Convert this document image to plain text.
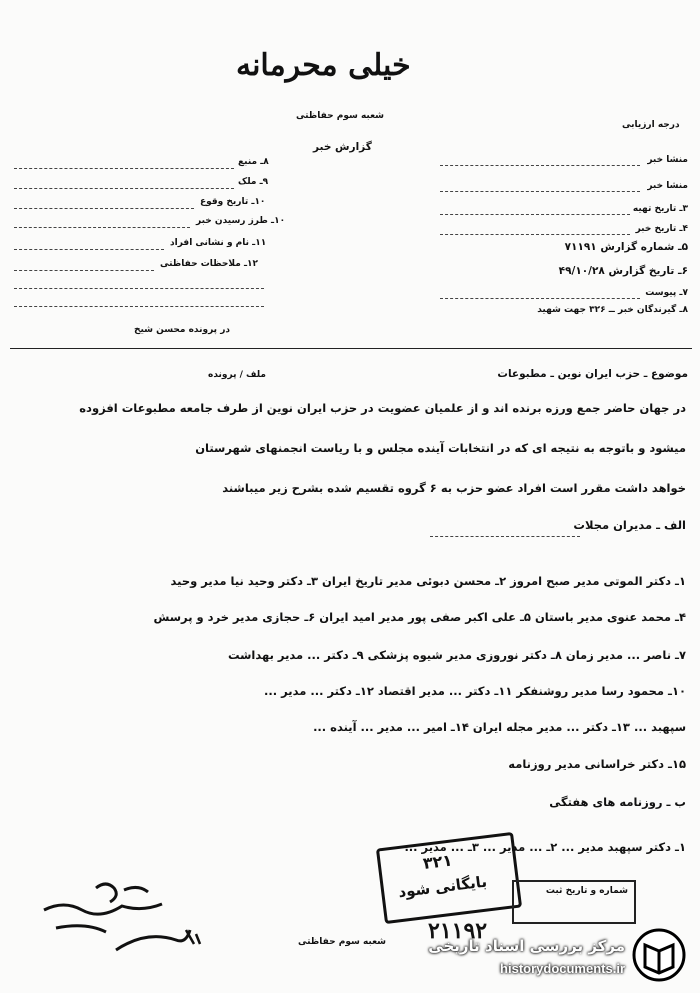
خیلی محرمانه
شعبه سوم حفاظتی
گزارش خبر
درجه ارزیابی
منشا خبر
منشا خبر
۳ـ تاریخ تهیه
۴ـ تاریخ خبر
۵ـ شماره گزارش ۷۱۱۹۱
۶ـ تاریخ گزارش ۴۹/۱۰/۲۸
۷ـ پیوست
۸ـ گیرندگان خبر ــ ۳۲۶ جهت شهید
در پرونده محسن شیخ
۸ـ منبع
۹ـ ملک
۱۰ـ تاریخ وقوع
۱۰ـ طرز رسیدن خبر
۱۱ـ نام و نشانی افراد
۱۲ـ ملاحظات حفاظتی
موضوع ـ حزب ایران نوین ـ مطبوعات
ملف / پرونده
در جهان حاضر جمع ورزه برنده اند و از علمیان عضویت در حزب ایران نوین از طرف جامعه مطبوعات افزوده
میشود و باتوجه به نتیجه ای که در انتخابات آینده مجلس و با ریاست انجمنهای شهرستان
خواهد داشت مقرر است افراد عضو حزب به ۶ گروه تقسیم شده بشرح زیر میباشند
الف ـ مدیران مجلات
۱ـ دکتر الموتی مدیر صبح امروز ۲ـ محسن دبوئی مدیر تاریخ ایران ۳ـ دکتر وحید نیا مدیر وحید
۴ـ محمد عنوی مدیر باستان ۵ـ علی اکبر صفی پور مدیر امید ایران ۶ـ حجازی مدیر خرد و پرسش
۷ـ ناصر ... مدیر زمان ۸ـ دکتر نوروزی مدیر شیوه پزشکی ۹ـ دکتر ... مدیر بهداشت
۱۰ـ محمود رسا مدیر روشنفکر ۱۱ـ دکتر ... مدیر اقتصاد ۱۲ـ دکتر ... مدیر ...
سپهبد ... ۱۳ـ دکتر ... مدیر مجله ایران ۱۴ـ امیر ... مدیر ... آینده ...
۱۵ـ دکتر خراسانی مدیر روزنامه
ب ـ روزنامه های هفتگی
۱ـ دکتر سپهبد مدیر ... ۲ـ ... مدیر ... ۳ـ ... مدیر ...
۳۲۱
بایگانی شود	شماره و تاریخ ثبت
۲۱۱۹۲
شعبه سوم حفاظتی	مرکز بررسی اسناد تاریخی
historydocuments.ir
